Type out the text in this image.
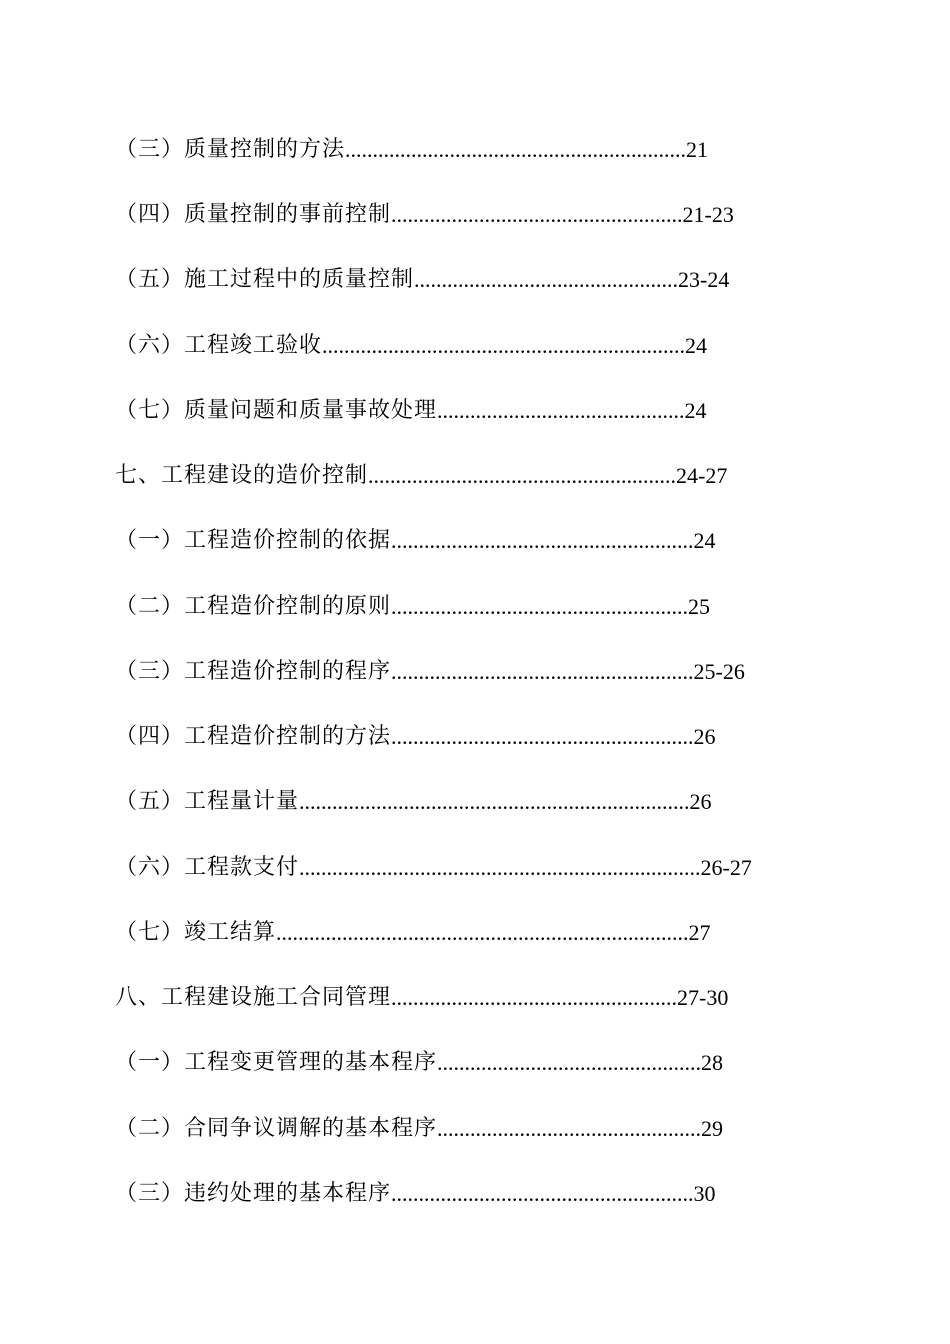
（三）质量控制的方法..............................................................21
（四）质量控制的事前控制.....................................................21-23
（五）施工过程中的质量控制................................................23-24
（六）工程竣工验收..................................................................24
（七）质量问题和质量事故处理.............................................24
七、工程建设的造价控制........................................................24-27
（一）工程造价控制的依据.......................................................24
（二）工程造价控制的原则......................................................25
（三）工程造价控制的程序.......................................................25-26
（四）工程造价控制的方法.......................................................26
（五）工程量计量.......................................................................26
（六）工程款支付.........................................................................26-27
（七）竣工结算...........................................................................27
八、工程建设施工合同管理....................................................27-30
（一）工程变更管理的基本程序................................................28
（二）合同争议调解的基本程序................................................29
（三）违约处理的基本程序.......................................................30
